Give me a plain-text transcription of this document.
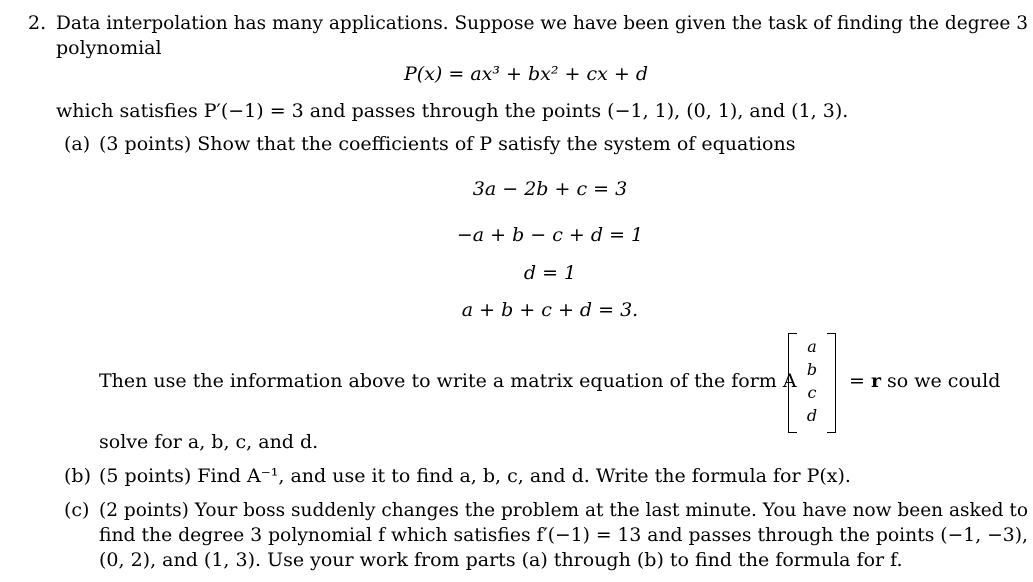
2. Data interpolation has many applications. Suppose we have been given the task of finding the degree 3
polynomial
P(x) = ax³ + bx² + cx + d
which satisfies P′(−1) = 3 and passes through the points (−1, 1), (0, 1), and (1, 3).
(a) (3 points) Show that the coefficients of P satisfy the system of equations
3a − 2b + c = 3
−a + b − c + d = 1
d = 1
a + b + c + d = 3.
Then use the information above to write a matrix equation of the form A
a
b
c
d
= r so we could
solve for a, b, c, and d.
(b) (5 points) Find A⁻¹, and use it to find a, b, c, and d. Write the formula for P(x).
(c) (2 points) Your boss suddenly changes the problem at the last minute. You have now been asked to
find the degree 3 polynomial f which satisfies f′(−1) = 13 and passes through the points (−1, −3),
(0, 2), and (1, 3). Use your work from parts (a) through (b) to find the formula for f.
